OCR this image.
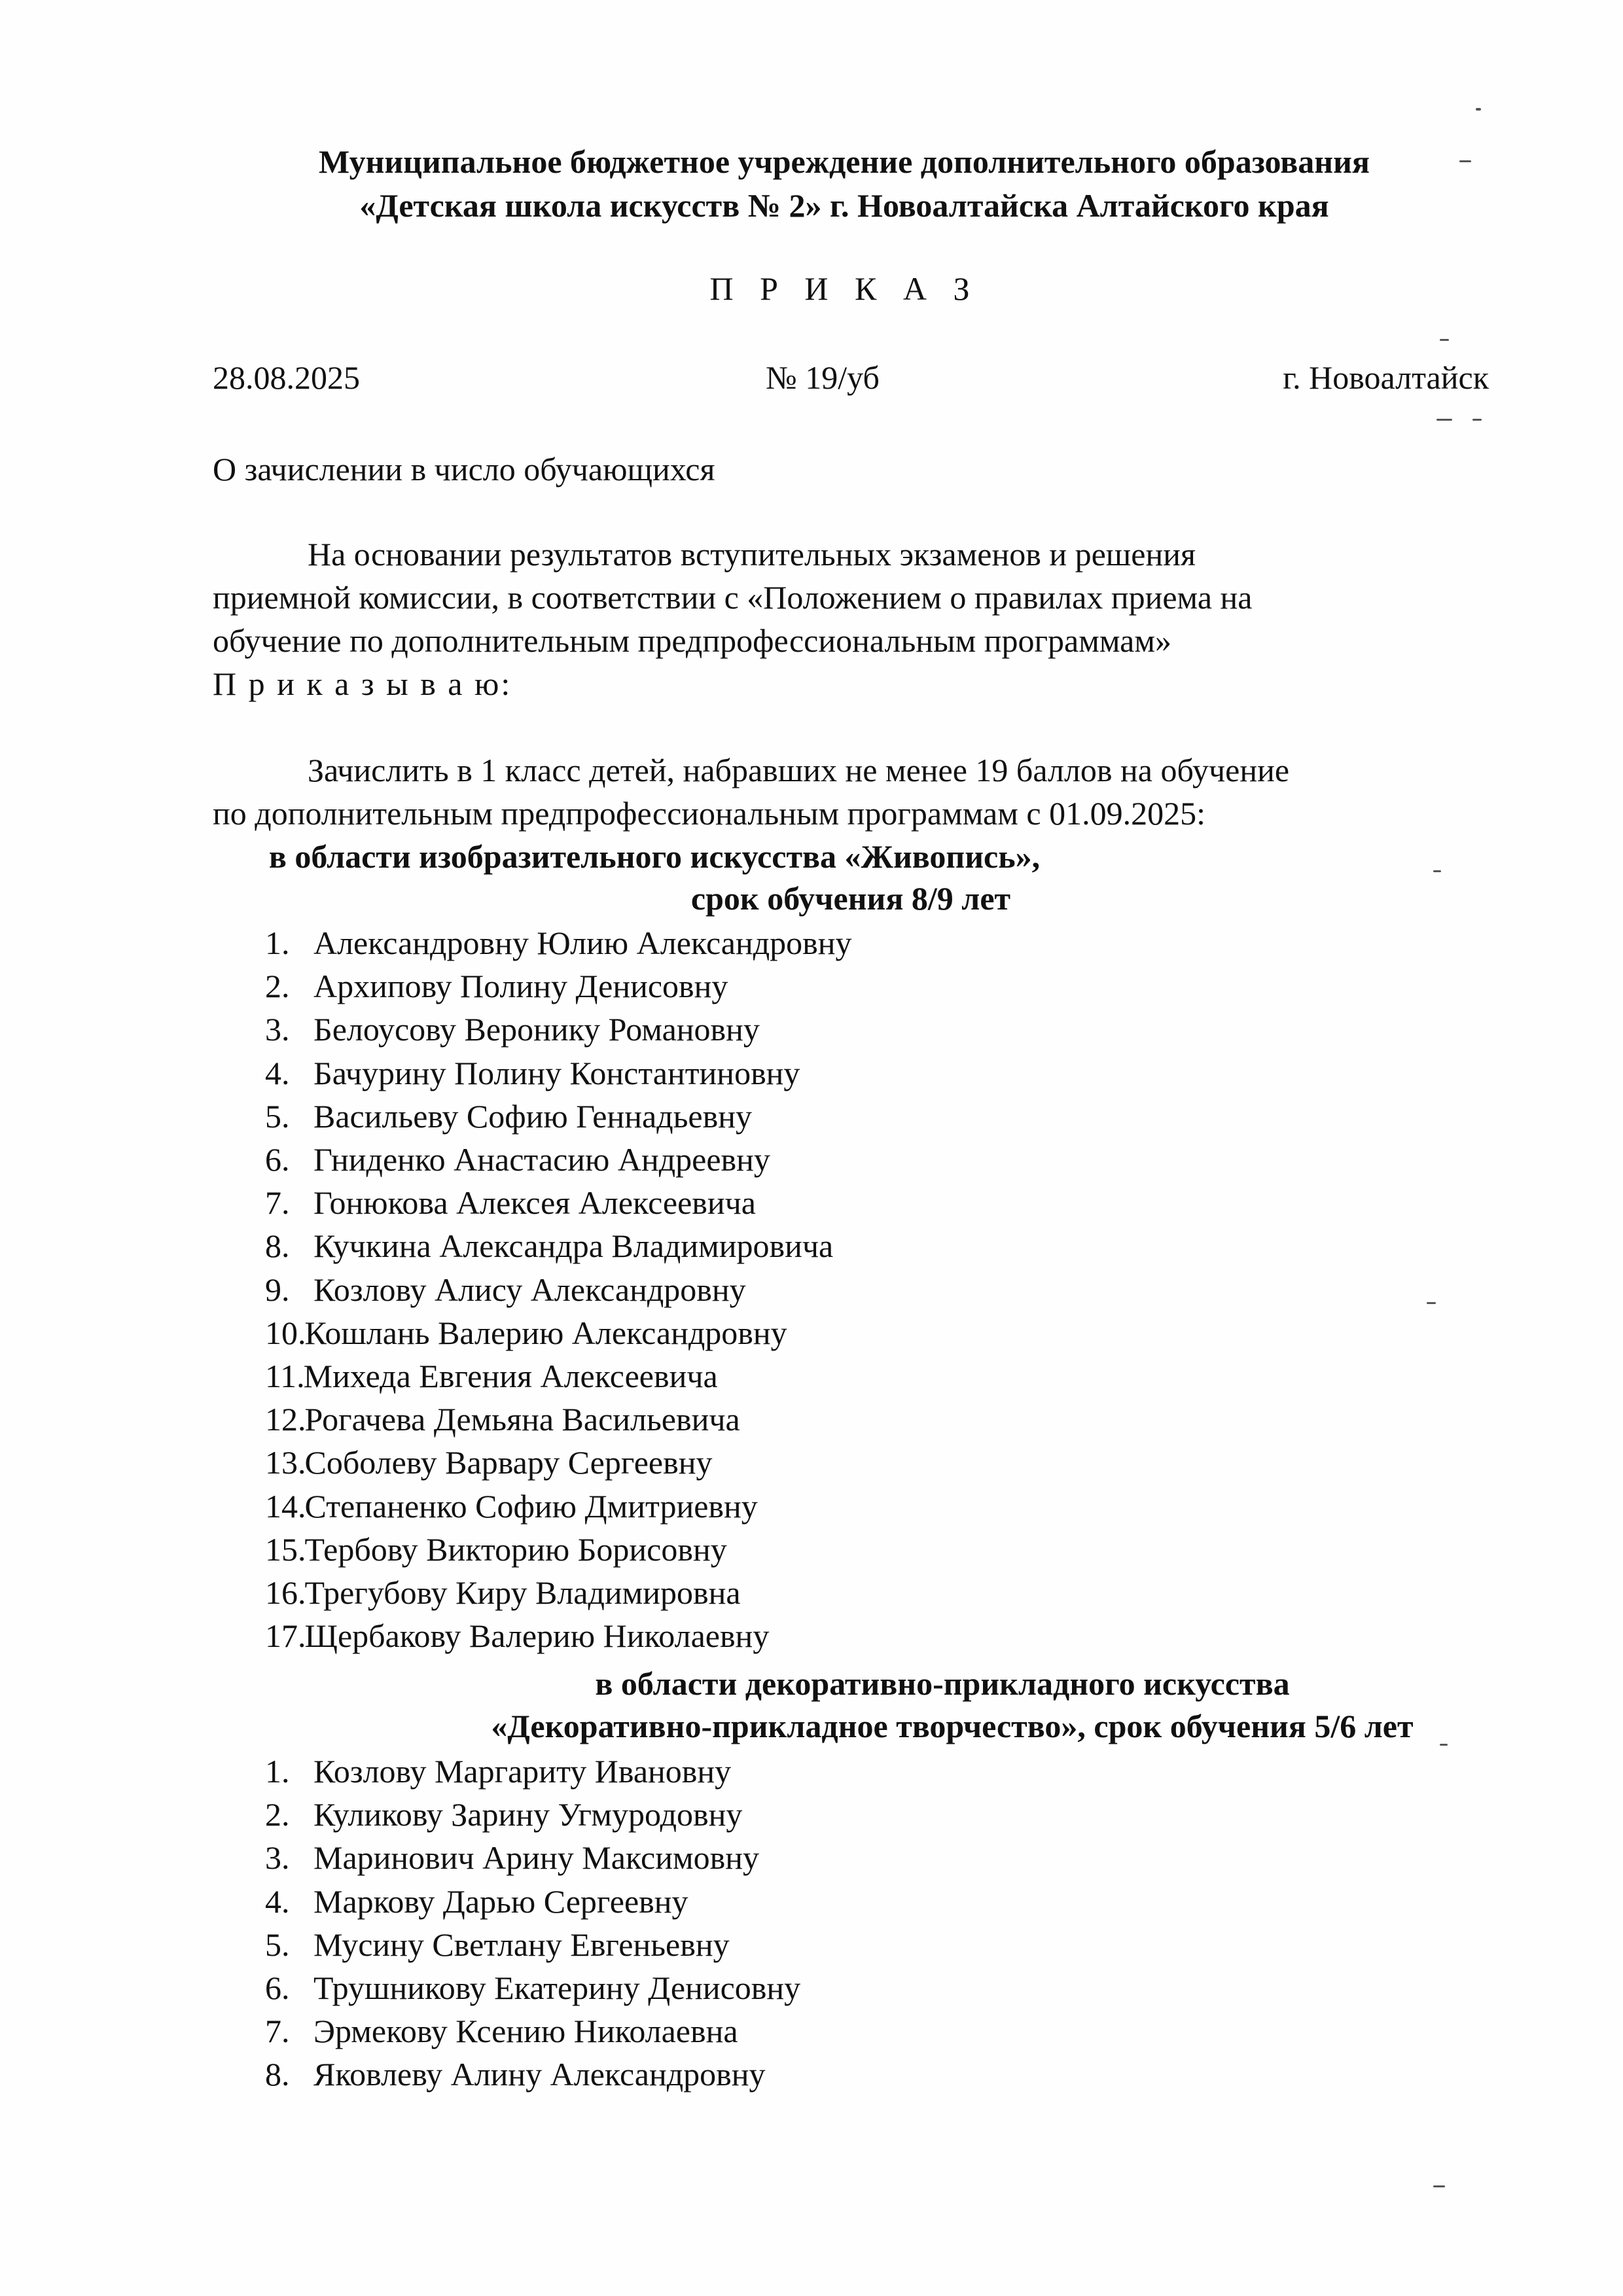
Муниципальное бюджетное учреждение дополнительного образования
«Детская школа искусств № 2» г. Новоалтайска Алтайского края
П Р И К А З
28.08.2025	№ 19/уб	г. Новоалтайск
О зачислении в число обучающихся
На основании результатов вступительных экзаменов и решения
приемной комиссии, в соответствии с «Положением о правилах приема на
обучение по дополнительным предпрофессиональным программам»
П р и к а з ы в а ю:
Зачислить в 1 класс детей, набравших не менее 19 баллов на обучение
по дополнительным предпрофессиональным программам с 01.09.2025:
в области изобразительного искусства «Живопись»,
срок обучения 8/9 лет
1. Александровну Юлию Александровну
2. Архипову Полину Денисовну
3. Белоусову Веронику Романовну
4. Бачурину Полину Константиновну
5. Васильеву Софию Геннадьевну
6. Гниденко Анастасию Андреевну
7. Гонюкова Алексея Алексеевича
8. Кучкина Александра Владимировича
9. Козлову Алису Александровну
10.Кошлань Валерию Александровну
11.Михеда Евгения Алексеевича
12.Рогачева Демьяна Васильевича
13.Соболеву Варвару Сергеевну
14.Степаненко Софию Дмитриевну
15.Тербову Викторию Борисовну
16.Трегубову Киру Владимировна
17.Щербакову Валерию Николаевну
в области декоративно-прикладного искусства
«Декоративно-прикладное творчество», срок обучения 5/6 лет
1. Козлову Маргариту Ивановну
2. Куликову Зарину Угмуродовну
3. Маринович Арину Максимовну
4. Маркову Дарью Сергеевну
5. Мусину Светлану Евгеньевну
6. Трушникову Екатерину Денисовну
7. Эрмекову Ксению Николаевна
8. Яковлеву Алину Александровну
